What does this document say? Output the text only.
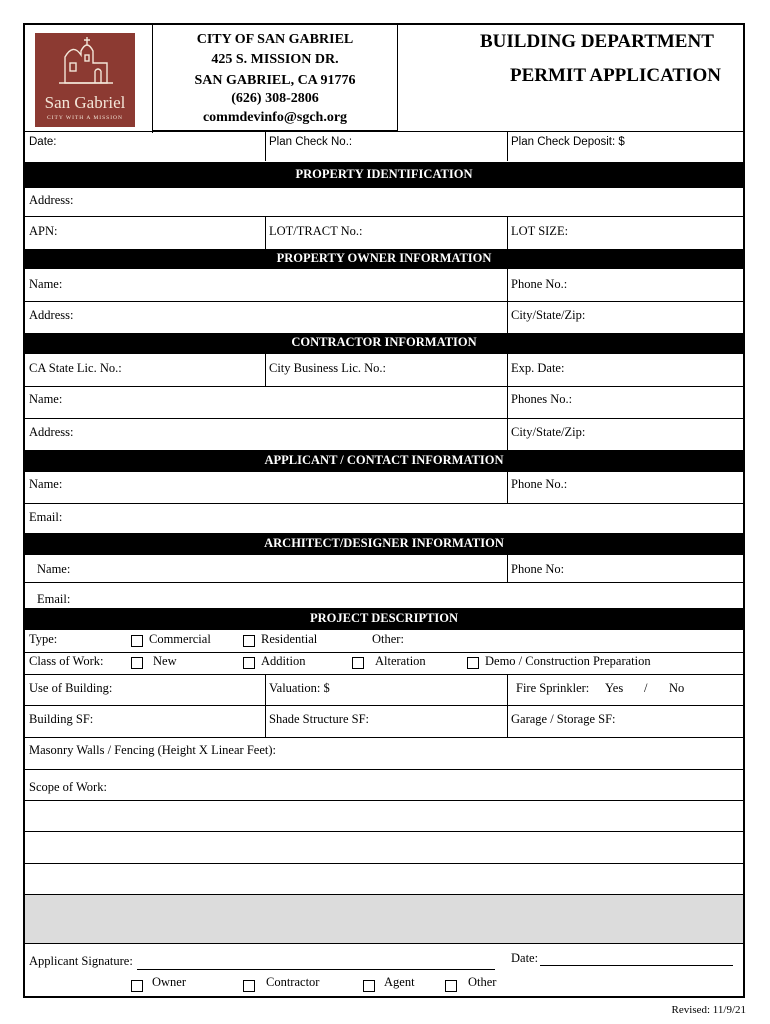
San Gabriel
CITY WITH A MISSION
CITY OF SAN GABRIEL
425 S. MISSION DR.
SAN GABRIEL, CA 91776
(626) 308-2806
commdevinfo@sgch.org
BUILDING DEPARTMENT
PERMIT APPLICATION
Date:	Plan Check No.:	Plan Check Deposit: $
PROPERTY IDENTIFICATION
Address:
APN:	LOT/TRACT No.:	LOT SIZE:
PROPERTY OWNER INFORMATION
Name:	Phone No.:
Address:	City/State/Zip:
CONTRACTOR INFORMATION
CA State Lic. No.:	City Business Lic. No.:	Exp. Date:
Name:	Phones No.:
Address:	City/State/Zip:
APPLICANT / CONTACT INFORMATION
Name:	Phone No.:
Email:
ARCHITECT/DESIGNER INFORMATION
Name:	Phone No:
Email:
PROJECT DESCRIPTION
Type:	Commercial	Residential	Other:
Class of Work:	New	Addition	Alteration	Demo / Construction Preparation
Use of Building:	Valuation: $	Fire Sprinkler: Yes / No
Building SF:	Shade Structure SF:	Garage / Storage SF:
Masonry Walls / Fencing (Height X Linear Feet):
Scope of Work:
Applicant Signature:	Date:
Owner	Contractor	Agent	Other
Revised: 11/9/21
